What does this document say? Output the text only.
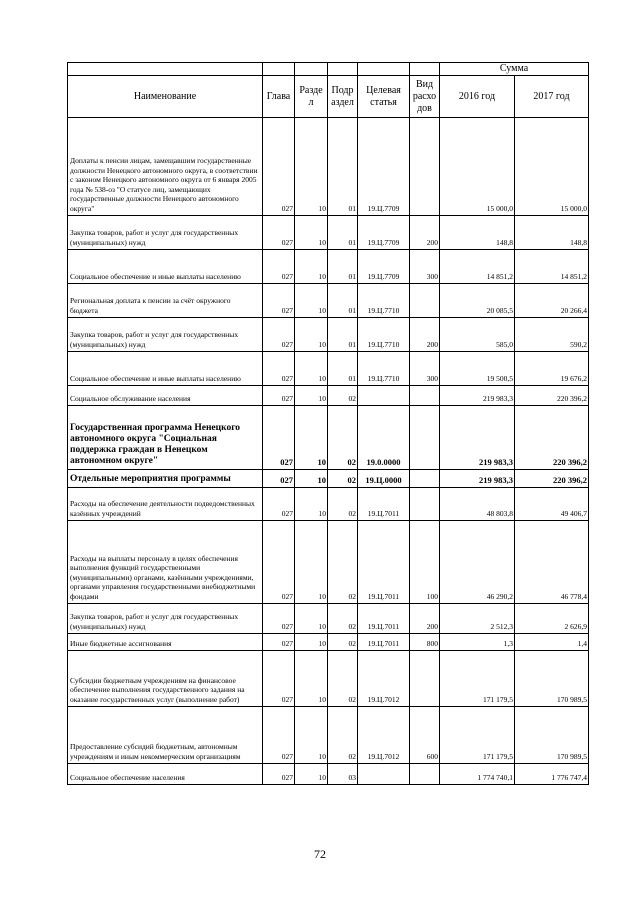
						Сумма	
Наименование	Глава	Разде л	Подр аздел	Целевая статья	Вид расхо дов	2016 год	2017 год
Доплаты к пенсии лицам, замещавшим государственные должности Ненецкого автономного округа, в соответствии с законом Ненецкого автономного округа от 6 января 2005 года № 538-оз "О статусе лиц, замещающих государственные должности Ненецкого автономного округа"	027	10	01	19.Ц.7709		15 000,0	15 000,0
Закупка товаров, работ и услуг для государственных (муниципальных) нужд	027	10	01	19.Ц.7709	200	148,8	148,8
Социальное обеспечение и иные выплаты населению	027	10	01	19.Ц.7709	300	14 851,2	14 851,2
Региональная доплата к пенсии за счёт окружного бюджета	027	10	01	19.Ц.7710		20 085,5	20 266,4
Закупка товаров, работ и услуг для государственных (муниципальных) нужд	027	10	01	19.Ц.7710	200	585,0	590,2
Социальное обеспечение и иные выплаты населению	027	10	01	19.Ц.7710	300	19 500,5	19 676,2
Социальное обслуживание населения	027	10	02			219 983,3	220 396,2
Государственная программа Ненецкого автономного округа "Социальная поддержка граждан в Ненецком автономном округе"	027	10	02	19.0.0000		219 983,3	220 396,2
Отдельные мероприятия программы	027	10	02	19.Ц.0000		219 983,3	220 396,2
Расходы на обеспечение деятельности подведомственных казённых учреждений	027	10	02	19.Ц.7011		48 803,8	49 406,7
Расходы на выплаты персоналу в целях обеспечения выполнения функций государственными (муниципальными) органами, казёнными учреждениями, органами управления государственными внебюджетными фондами	027	10	02	19.Ц.7011	100	46 290,2	46 778,4
Закупка товаров, работ и услуг для государственных (муниципальных) нужд	027	10	02	19.Ц.7011	200	2 512,3	2 626,9
Иные бюджетные ассигнования	027	10	02	19.Ц.7011	800	1,3	1,4
Субсидии бюджетным учреждениям на финансовое обеспечение выполнения государственного задания на оказание государственных услуг (выполнение работ)	027	10	02	19.Ц.7012		171 179,5	170 989,5
Предоставление субсидий бюджетным, автономным учреждениям и иным некоммерческим организациям	027	10	02	19.Ц.7012	600	171 179,5	170 989,5
Социальное обеспечение населения	027	10	03			1 774 740,1	1 776 747,4
72
